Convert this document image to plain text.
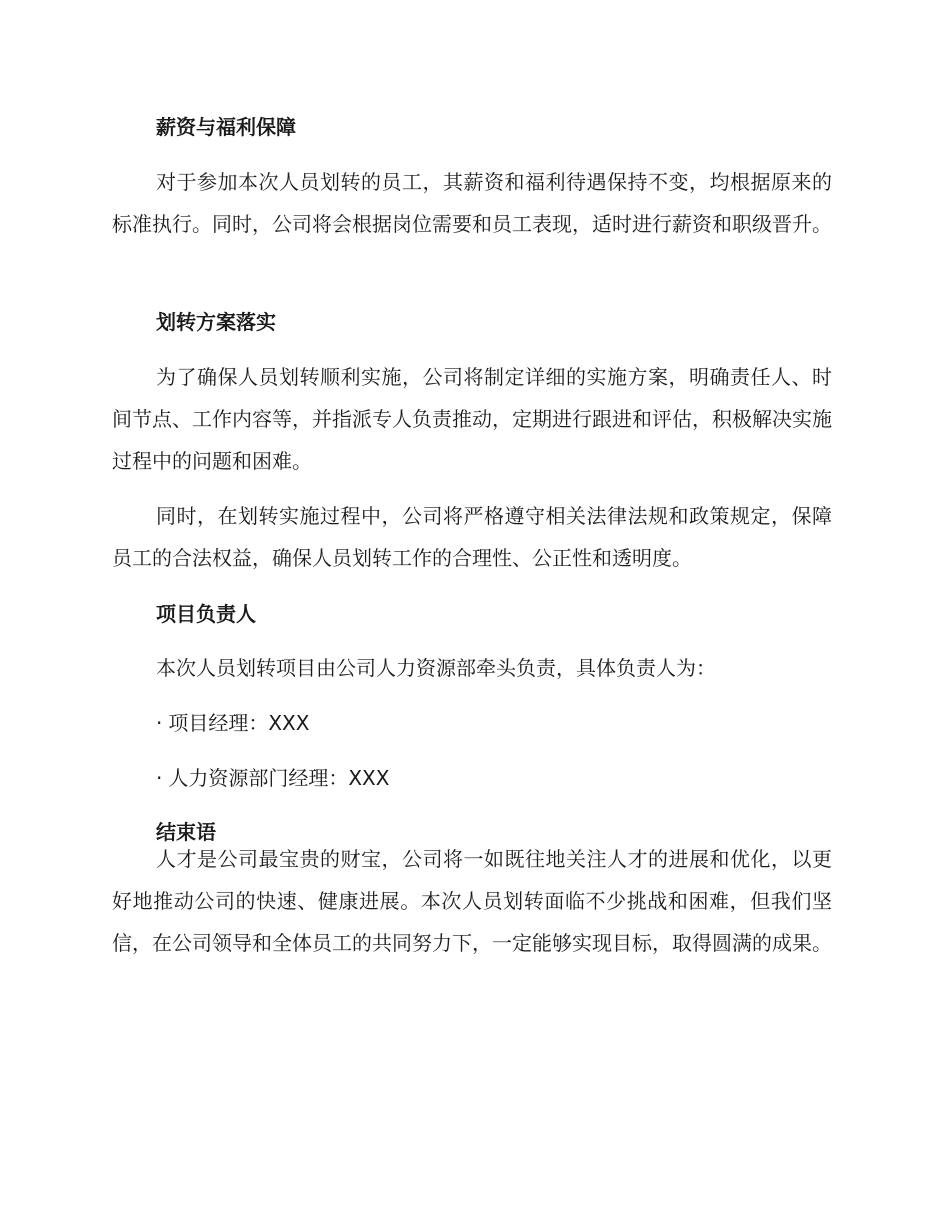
薪资与福利保障

对于参加本次人员划转的员工，其薪资和福利待遇保持不变，均根据原来的标准执行。同时，公司将会根据岗位需要和员工表现，适时进行薪资和职级晋升。

划转方案落实

为了确保人员划转顺利实施，公司将制定详细的实施方案，明确责任人、时间节点、工作内容等，并指派专人负责推动，定期进行跟进和评估，积极解决实施过程中的问题和困难。

同时，在划转实施过程中，公司将严格遵守相关法律法规和政策规定，保障员工的合法权益，确保人员划转工作的合理性、公正性和透明度。

项目负责人

本次人员划转项目由公司人力资源部牵头负责，具体负责人为：

· 项目经理：XXX
· 人力资源部门经理：XXX
结束语

人才是公司最宝贵的财宝，公司将一如既往地关注人才的进展和优化，以更好地推动公司的快速、健康进展。本次人员划转面临不少挑战和困难，但我们坚信，在公司领导和全体员工的共同努力下，一定能够实现目标，取得圆满的成果。
